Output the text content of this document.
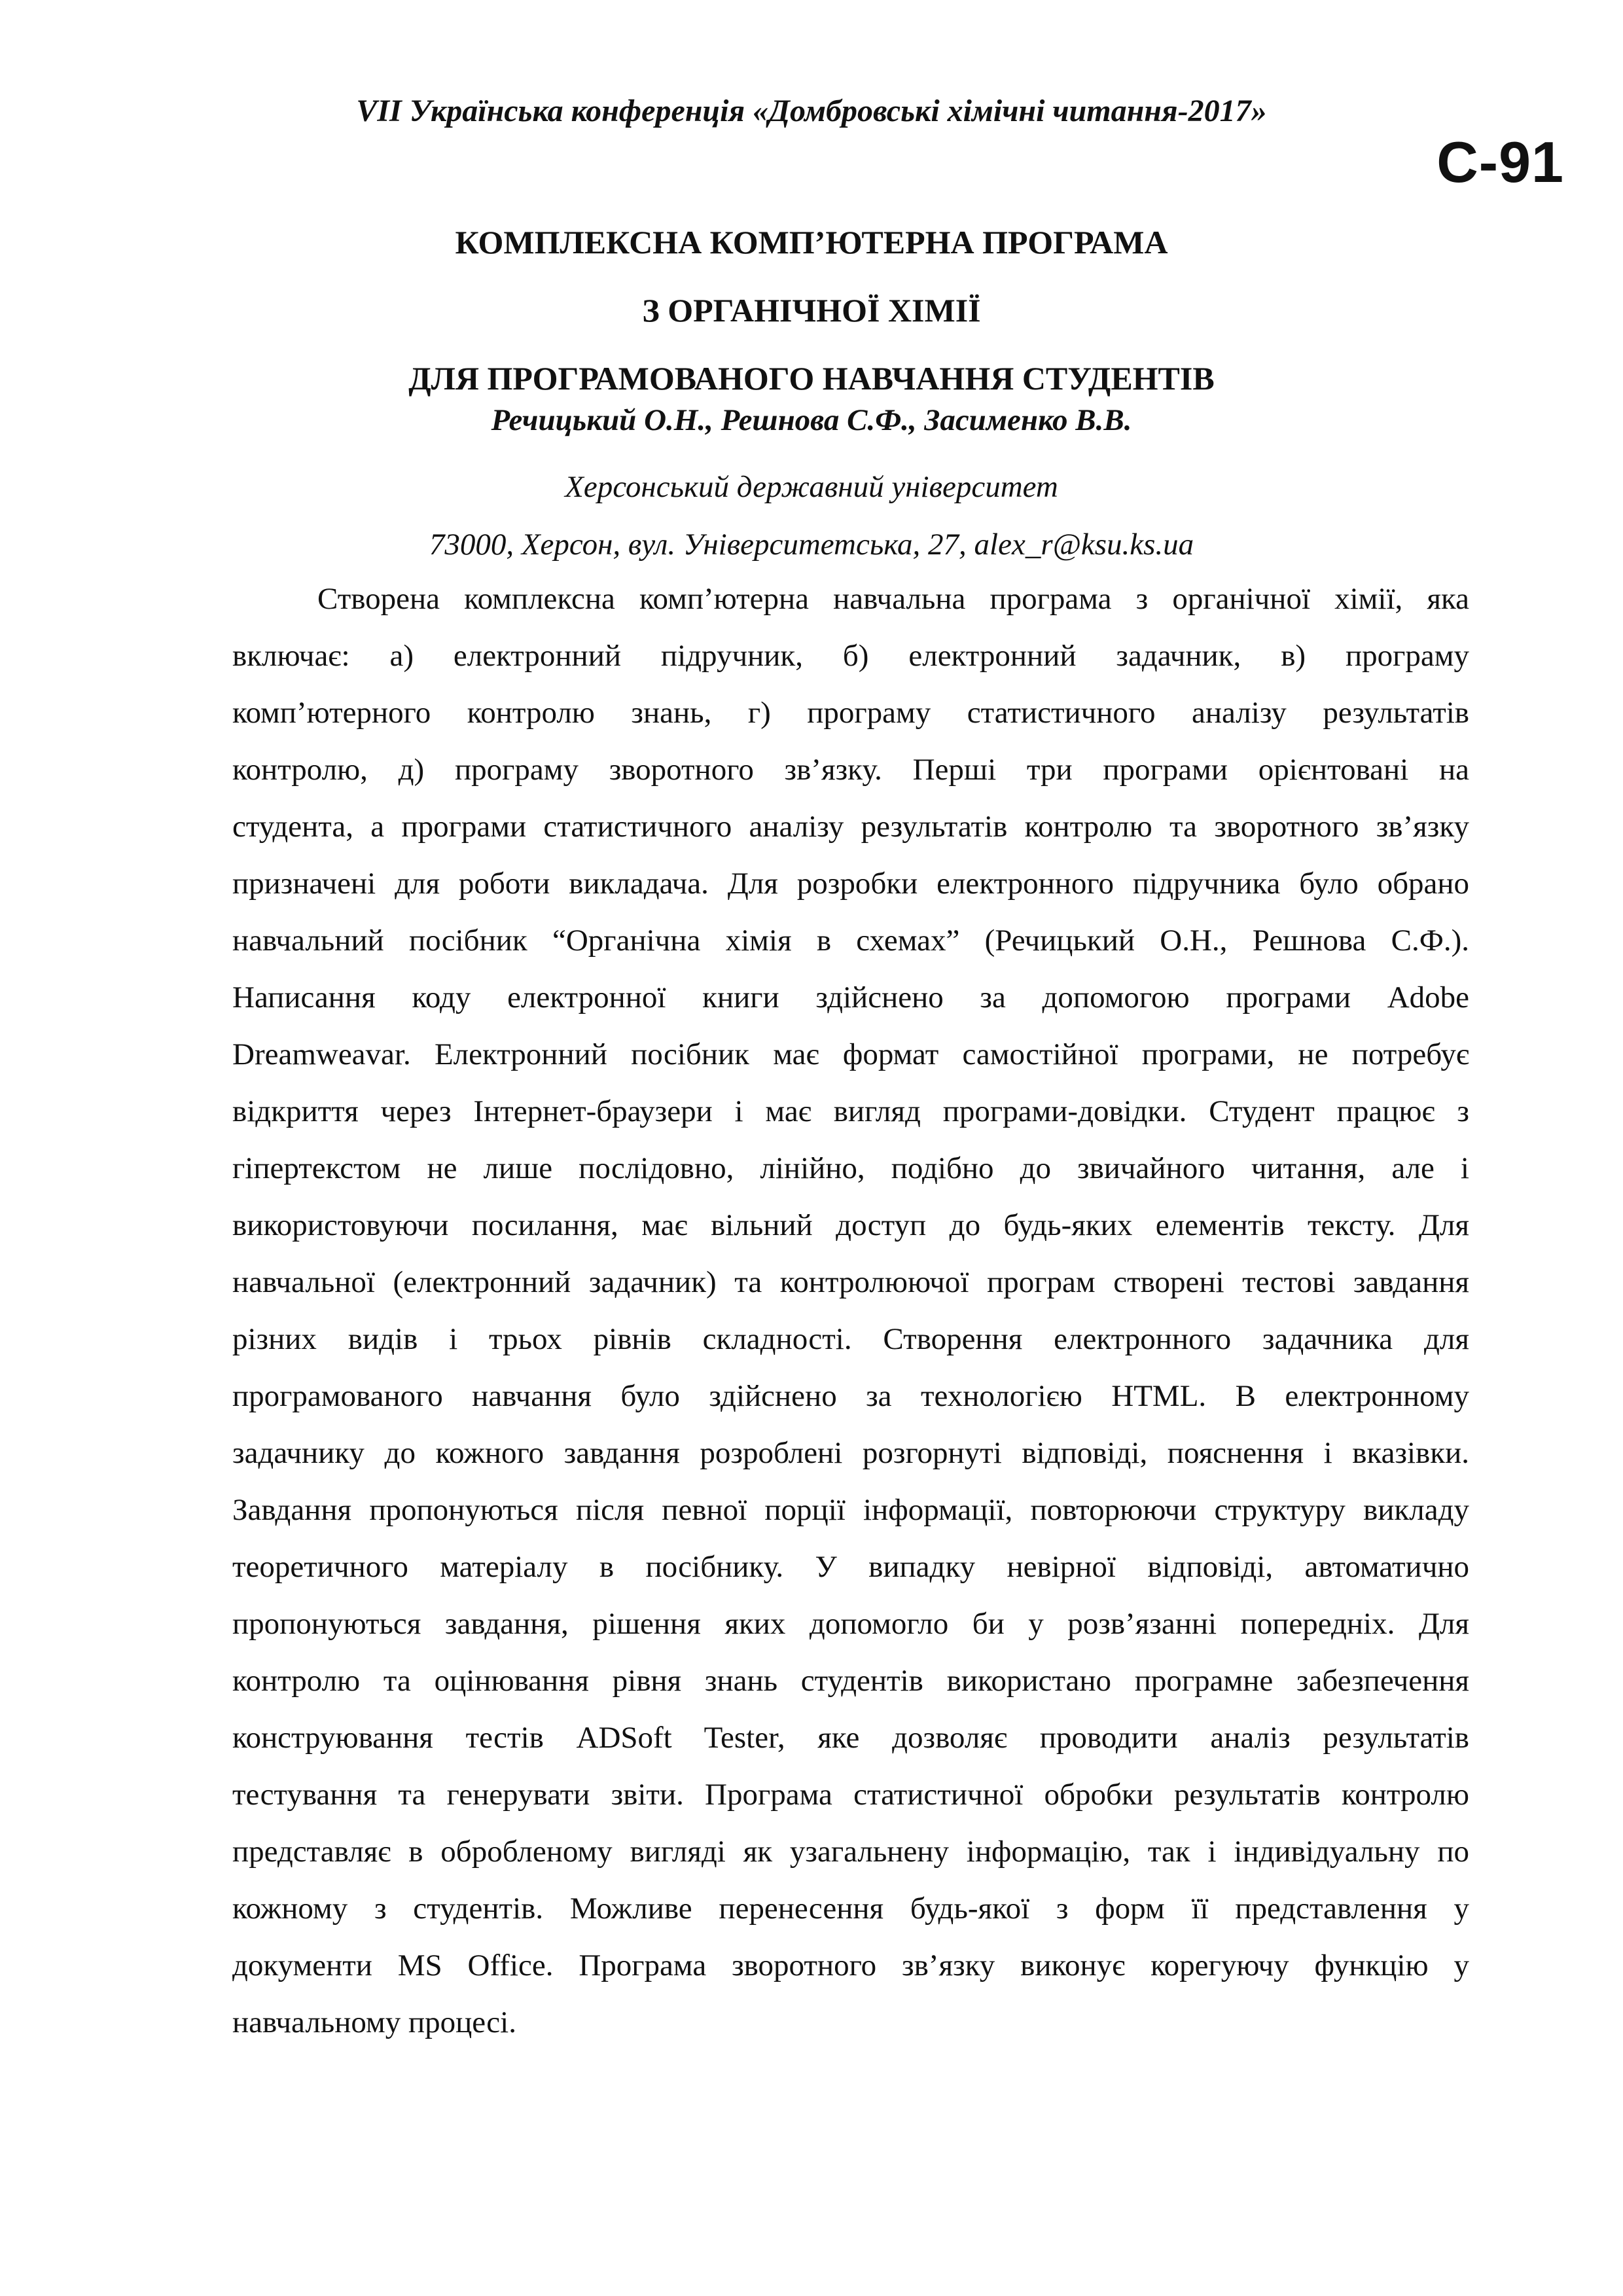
VII Українська конференція «Домбровські хімічні читання-2017»
С-91
КОМПЛЕКСНА КОМП’ЮТЕРНА ПРОГРАМА
З ОРГАНІЧНОЇ ХІМІЇ
ДЛЯ ПРОГРАМОВАНОГО НАВЧАННЯ СТУДЕНТІВ
Речицький О.Н., Решнова С.Ф., Засименко В.В.
Херсонський державний університет
73000, Херсон, вул. Університетська, 27, alex_r@ksu.ks.ua
Створена комплексна комп’ютерна навчальна програма з органічної хімії, яка
включає: а) електронний підручник, б) електронний задачник, в) програму
комп’ютерного контролю знань, г) програму статистичного аналізу результатів
контролю, д) програму зворотного зв’язку. Перші три програми орієнтовані на
студента, а програми статистичного аналізу результатів контролю та зворотного зв’язку
призначені для роботи викладача. Для розробки електронного підручника було обрано
навчальний посібник “Органічна хімія в схемах” (Речицький О.Н., Решнова С.Ф.).
Написання коду електронної книги здійснено за допомогою програми Adobe
Dreamweavar. Електронний посібник має формат самостійної програми, не потребує
відкриття через Інтернет-браузери і має вигляд програми-довідки. Студент працює з
гіпертекстом не лише послідовно, лінійно, подібно до звичайного читання, але і
використовуючи посилання, має вільний доступ до будь-яких елементів тексту. Для
навчальної (електронний задачник) та контролюючої програм створені тестові завдання
різних видів і трьох рівнів складності. Створення електронного задачника для
програмованого навчання було здійснено за технологією HTML. В електронному
задачнику до кожного завдання розроблені розгорнуті відповіді, пояснення і вказівки.
Завдання пропонуються після певної порції інформації, повторюючи структуру викладу
теоретичного матеріалу в посібнику. У випадку невірної відповіді, автоматично
пропонуються завдання, рішення яких допомогло би у розв’язанні попередніх. Для
контролю та оцінювання рівня знань студентів використано програмне забезпечення
конструювання тестів ADSoft Tester, яке дозволяє проводити аналіз результатів
тестування та генерувати звіти. Програма статистичної обробки результатів контролю
представляє в обробленому вигляді як узагальнену інформацію, так і індивідуальну по
кожному з студентів. Можливе перенесення будь-якої з форм її представлення у
документи MS Office. Програма зворотного зв’язку виконує корегуючу функцію у
навчальному процесі.
